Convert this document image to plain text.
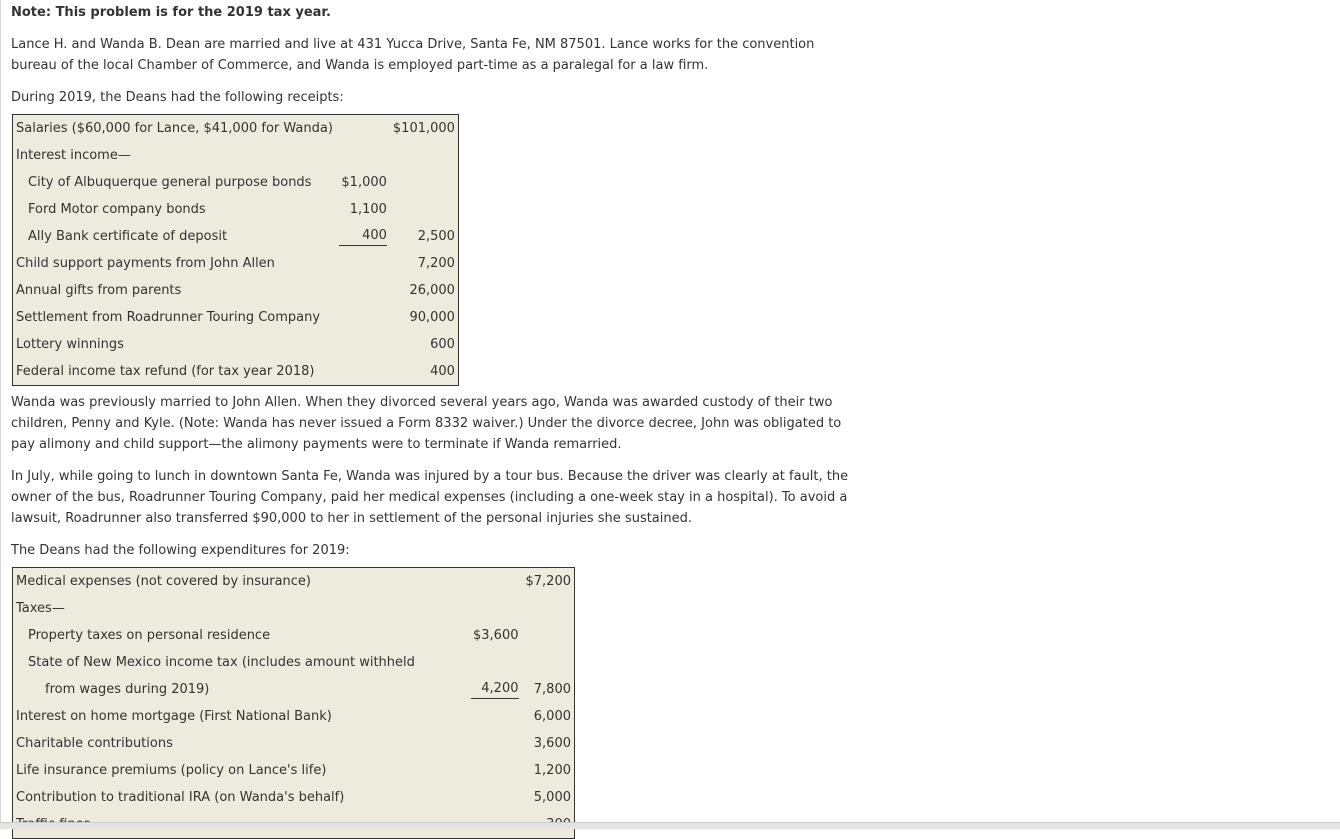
Note: This problem is for the 2019 tax year.

Lance H. and Wanda B. Dean are married and live at 431 Yucca Drive, Santa Fe, NM 87501. Lance works for the convention bureau of the local Chamber of Commerce, and Wanda is employed part-time as a paralegal for a law firm.

During 2019, the Deans had the following receipts:

Wanda was previously married to John Allen. When they divorced several years ago, Wanda was awarded custody of their two children, Penny and Kyle. (Note: Wanda has never issued a Form 8332 waiver.) Under the divorce decree, John was obligated to pay alimony and child support—the alimony payments were to terminate if Wanda remarried.

In July, while going to lunch in downtown Santa Fe, Wanda was injured by a tour bus. Because the driver was clearly at fault, the owner of the bus, Roadrunner Touring Company, paid her medical expenses (including a one-week stay in a hospital). To avoid a lawsuit, Roadrunner also transferred $90,000 to her in settlement of the personal injuries she sustained.

The Deans had the following expenditures for 2019:

Salaries ($60,000 for Lance, $41,000 for Wanda)		$101,000
Interest income—		
City of Albuquerque general purpose bonds	$1,000	
Ford Motor company bonds	1,100	
Ally Bank certificate of deposit	400	2,500
Child support payments from John Allen		7,200
Annual gifts from parents		26,000
Settlement from Roadrunner Touring Company		90,000
Lottery winnings		600
Federal income tax refund (for tax year 2018)		400
Medical expenses (not covered by insurance)		$7,200
Taxes—		
Property taxes on personal residence	$3,600	
State of New Mexico income tax (includes amount withheld		
from wages during 2019)	4,200	7,800
Interest on home mortgage (First National Bank)		6,000
Charitable contributions		3,600
Life insurance premiums (policy on Lance's life)		1,200
Contribution to traditional IRA (on Wanda's behalf)		5,000
